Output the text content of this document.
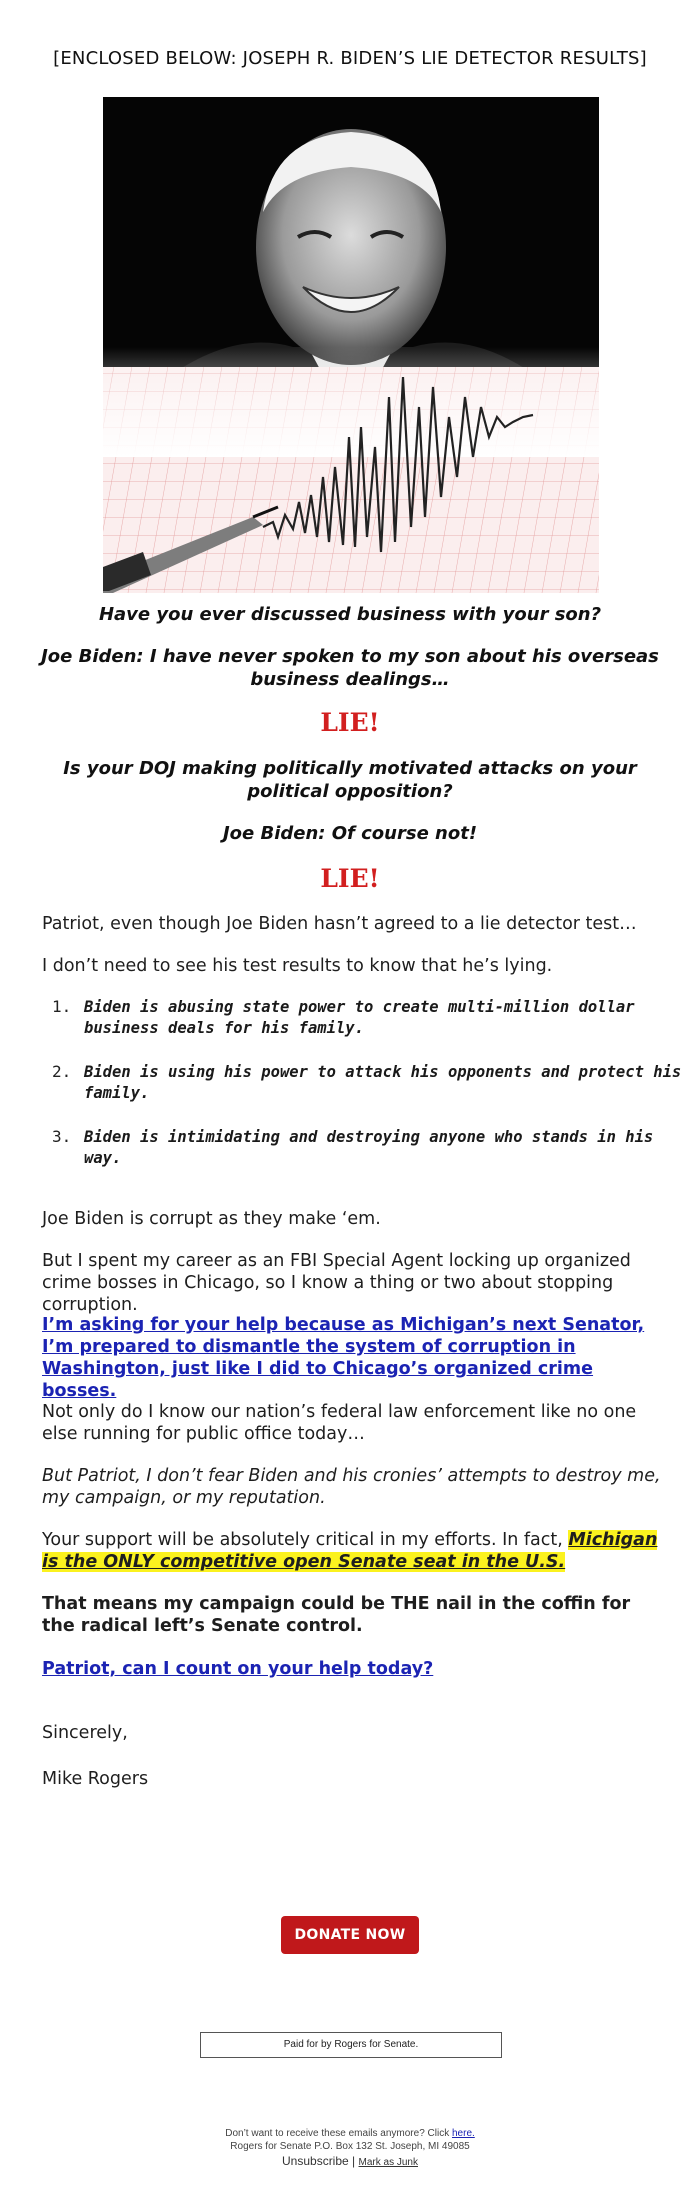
[ENCLOSED BELOW: JOSEPH R. BIDEN’S LIE DETECTOR RESULTS]
Have you ever discussed business with your son?
Joe Biden: I have never spoken to my son about his overseas business dealings…
LIE!
Is your DOJ making politically motivated attacks on your political opposition?
Joe Biden: Of course not!
LIE!
Patriot, even though Joe Biden hasn’t agreed to a lie detector test…
I don’t need to see his test results to know that he’s lying.
1. Biden is abusing state power to create multi-million dollar business deals for his family.
2. Biden is using his power to attack his opponents and protect his family.
3. Biden is intimidating and destroying anyone who stands in his way.
Joe Biden is corrupt as they make ‘em.
But I spent my career as an FBI Special Agent locking up organized crime bosses in Chicago, so I know a thing or two about stopping corruption.
I’m asking for your help because as Michigan’s next Senator, I’m prepared to dismantle the system of corruption in Washington, just like I did to Chicago’s organized crime bosses.
Not only do I know our nation’s federal law enforcement like no one else running for public office today…
But Patriot, I don’t fear Biden and his cronies’ attempts to destroy me, my campaign, or my reputation.
Your support will be absolutely critical in my efforts. In fact, Michigan is the ONLY competitive open Senate seat in the U.S.
That means my campaign could be THE nail in the coffin for the radical left’s Senate control.
Patriot, can I count on your help today?
Sincerely,
Mike Rogers
DONATE NOW
Paid for by Rogers for Senate.
Don’t want to receive these emails anymore? Click here.
Rogers for Senate P.O. Box 132 St. Joseph, MI 49085
Unsubscribe | Mark as Junk
